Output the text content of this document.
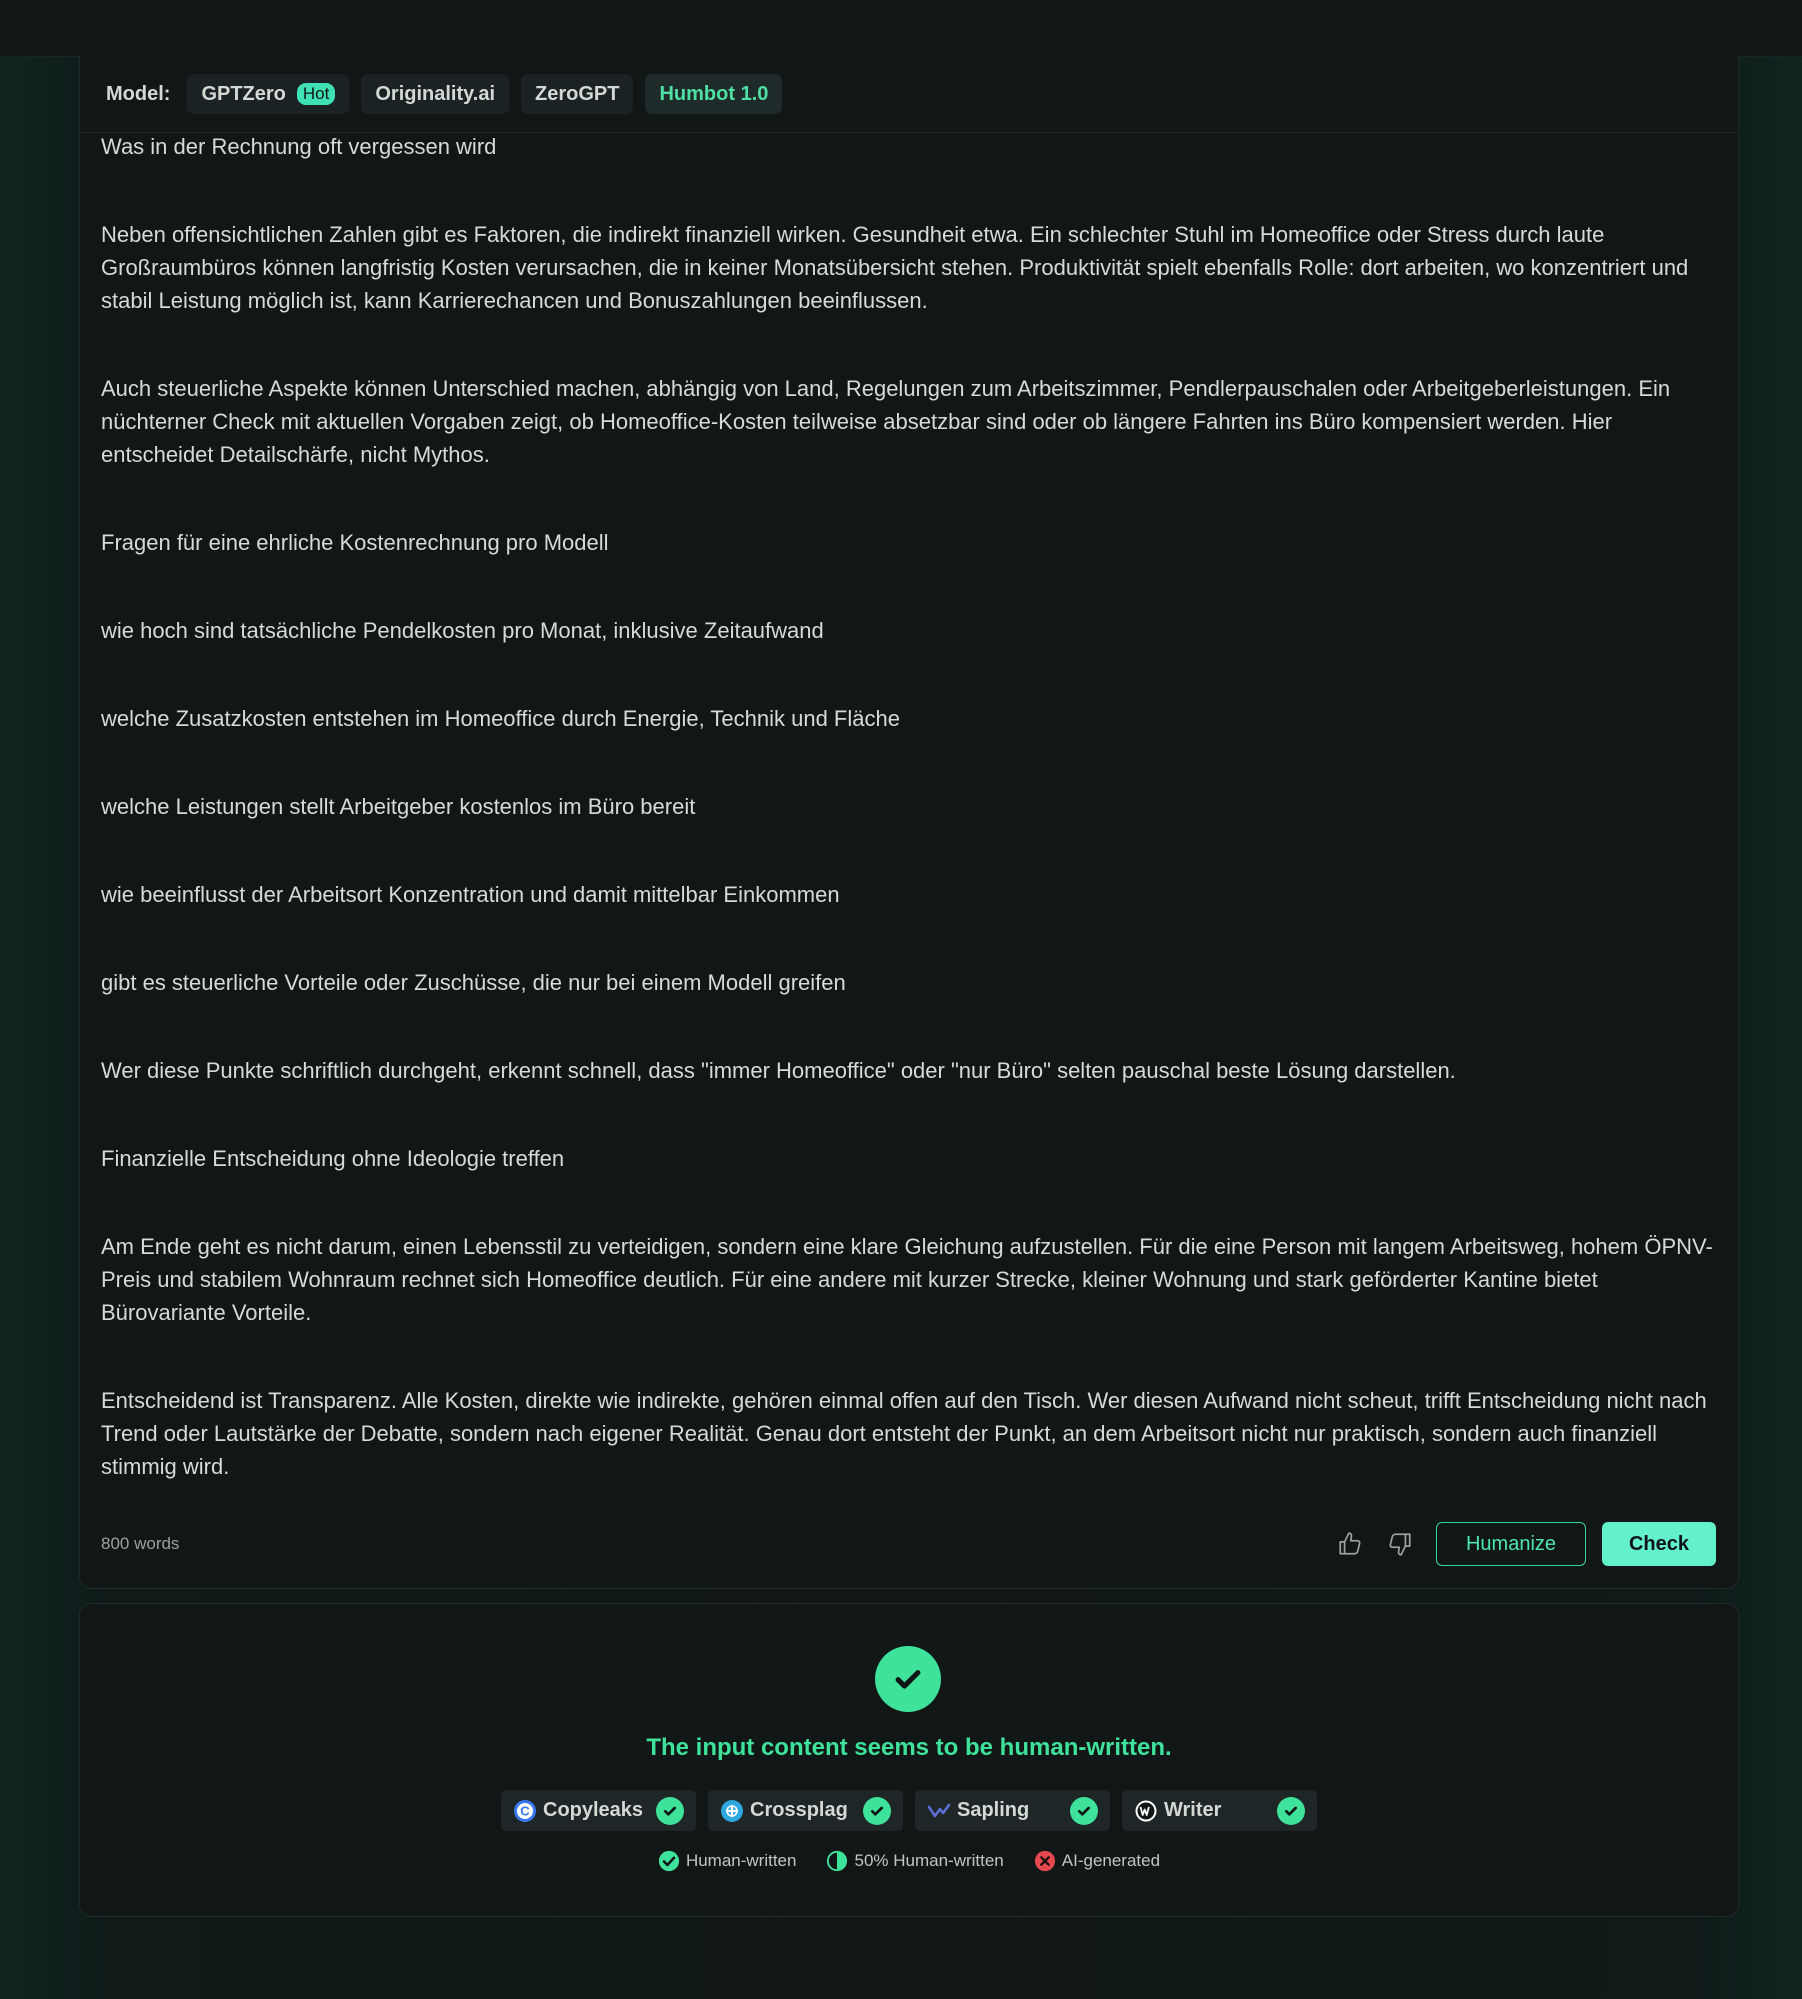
Model: GPTZero	Hot	Originality.ai ZeroGPT Humbot 1.0

Was in der Rechnung oft vergessen wird

Neben offensichtlichen Zahlen gibt es Faktoren, die indirekt finanziell wirken. Gesundheit etwa. Ein schlechter Stuhl im Homeoffice oder Stress durch laute Großraumbüros können langfristig Kosten verursachen, die in keiner Monatsübersicht stehen. Produktivität spielt ebenfalls Rolle: dort arbeiten, wo konzentriert und stabil Leistung möglich ist, kann Karrierechancen und Bonuszahlungen beeinflussen.

Auch steuerliche Aspekte können Unterschied machen, abhängig von Land, Regelungen zum Arbeitszimmer, Pendlerpauschalen oder Arbeitgeberleistungen. Ein nüchterner Check mit aktuellen Vorgaben zeigt, ob Homeoffice-Kosten teilweise absetzbar sind oder ob längere Fahrten ins Büro kompensiert werden. Hier entscheidet Detailschärfe, nicht Mythos.

Fragen für eine ehrliche Kostenrechnung pro Modell

wie hoch sind tatsächliche Pendelkosten pro Monat, inklusive Zeitaufwand

welche Zusatzkosten entstehen im Homeoffice durch Energie, Technik und Fläche

welche Leistungen stellt Arbeitgeber kostenlos im Büro bereit

wie beeinflusst der Arbeitsort Konzentration und damit mittelbar Einkommen

gibt es steuerliche Vorteile oder Zuschüsse, die nur bei einem Modell greifen

Wer diese Punkte schriftlich durchgeht, erkennt schnell, dass "immer Homeoffice" oder "nur Büro" selten pauschal beste Lösung darstellen.

Finanzielle Entscheidung ohne Ideologie treffen

Am Ende geht es nicht darum, einen Lebensstil zu verteidigen, sondern eine klare Gleichung aufzustellen. Für die eine Person mit langem Arbeitsweg, hohem ÖPNV-Preis und stabilem Wohnraum rechnet sich Homeoffice deutlich. Für eine andere mit kurzer Strecke, kleiner Wohnung und stark geförderter Kantine bietet Bürovariante Vorteile.

Entscheidend ist Transparenz. Alle Kosten, direkte wie indirekte, gehören einmal offen auf den Tisch. Wer diesen Aufwand nicht scheut, trifft Entscheidung nicht nach Trend oder Lautstärke der Debatte, sondern nach eigener Realität. Genau dort entsteht der Punkt, an dem Arbeitsort nicht nur praktisch, sondern auch finanziell stimmig wird.

800 words	Humanize	Check
The input content seems to be human-written.
C Copyleaks	Crossplag	Sapling	Writer
Human-written	50% Human-written	AI-generated
